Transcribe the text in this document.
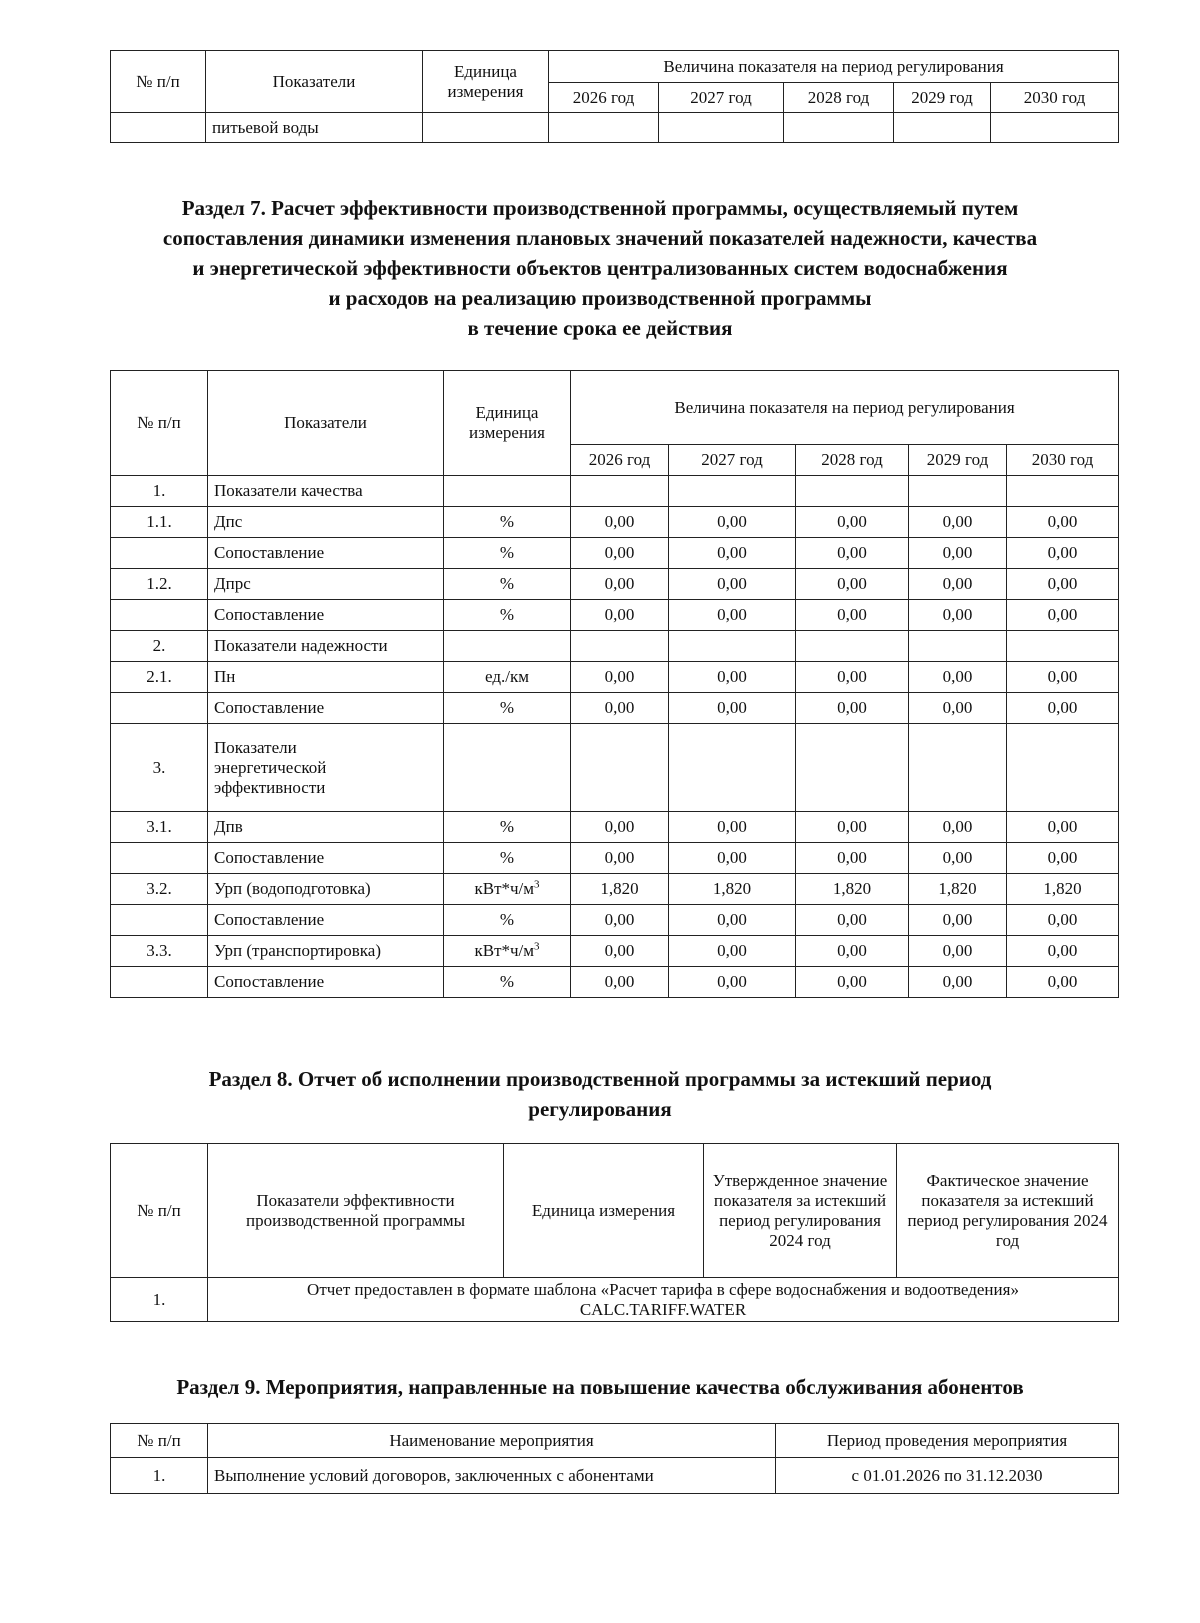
№ п/п	Показатели	Единица измерения	Величина показателя на период регулирования				
			2026 год	2027 год	2028 год	2029 год	2030 год
	питьевой воды						
Раздел 7. Расчет эффективности производственной программы, осуществляемый путем
сопоставления динамики изменения плановых значений показателей надежности, качества
и энергетической эффективности объектов централизованных систем водоснабжения
и расходов на реализацию производственной программы
в течение срока ее действия
№ п/п	Показатели	Единица измерения	Величина показателя на период регулирования				
			2026 год	2027 год	2028 год	2029 год	2030 год
1.	Показатели качества						
1.1.	Дпс	%	0,00	0,00	0,00	0,00	0,00
	Сопоставление	%	0,00	0,00	0,00	0,00	0,00
1.2.	Дпрс	%	0,00	0,00	0,00	0,00	0,00
	Сопоставление	%	0,00	0,00	0,00	0,00	0,00
2.	Показатели надежности						
2.1.	Пн	ед./км	0,00	0,00	0,00	0,00	0,00
	Сопоставление	%	0,00	0,00	0,00	0,00	0,00
3.	Показатели энергетической эффективности						
3.1.	Дпв	%	0,00	0,00	0,00	0,00	0,00
	Сопоставление	%	0,00	0,00	0,00	0,00	0,00
3.2.	Урп (водоподготовка)	$кВт*ч/м^3$	1,820	1,820	1,820	1,820	1,820
	Сопоставление	%	0,00	0,00	0,00	0,00	0,00
3.3.	Урп (транспортировка)	$кВт*ч/м^3$	0,00	0,00	0,00	0,00	0,00
	Сопоставление	%	0,00	0,00	0,00	0,00	0,00
Раздел 8. Отчет об исполнении производственной программы за истекший период
регулирования
№ п/п	Показатели эффективности производственной программы	Единица измерения	Утвержденное значение показателя за истекший период регулирования 2024 год	Фактическое значение показателя за истекший период регулирования 2024 год
1.	Отчет предоставлен в формате шаблона «Расчет тарифа в сфере водоснабжения и водоотведения»
CALC.TARIFF.WATER			
Раздел 9. Мероприятия, направленные на повышение качества обслуживания абонентов
№ п/п	Наименование мероприятия	Период проведения мероприятия
1.	Выполнение условий договоров, заключенных с абонентами	с 01.01.2026 по 31.12.2030
